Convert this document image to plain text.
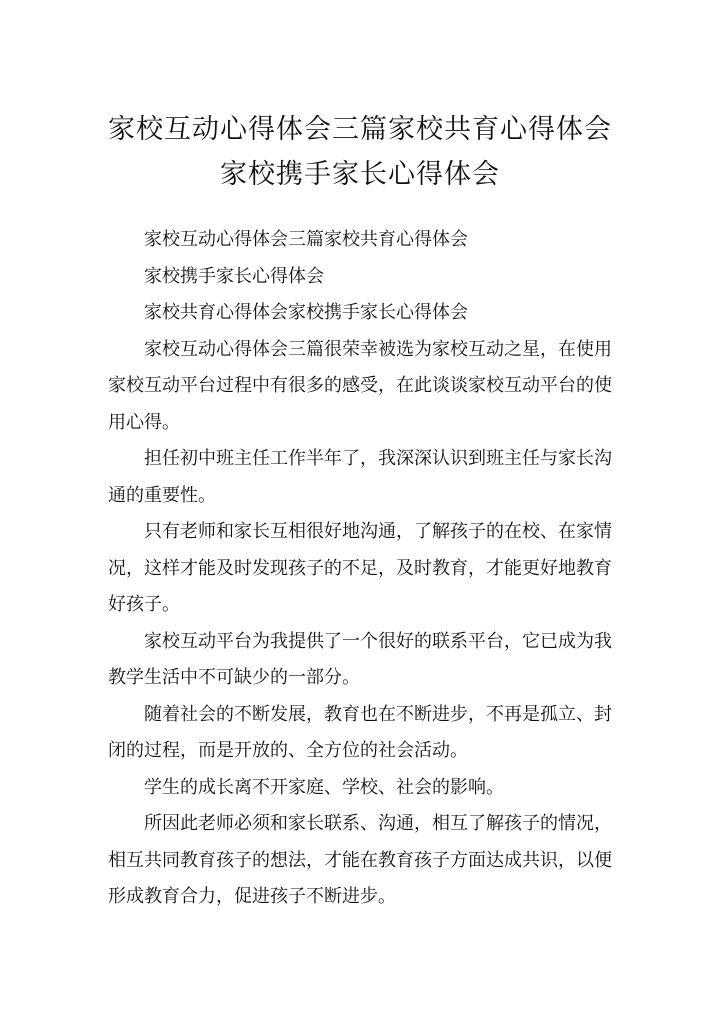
家校互动心得体会三篇家校共育心得体会
家校携手家长心得体会

家校互动心得体会三篇家校共育心得体会

家校携手家长心得体会

家校共育心得体会家校携手家长心得体会

家校互动心得体会三篇很荣幸被选为家校互动之星，在使用家校互动平台过程中有很多的感受，在此谈谈家校互动平台的使用心得。

担任初中班主任工作半年了，我深深认识到班主任与家长沟通的重要性。

只有老师和家长互相很好地沟通，了解孩子的在校、在家情况，这样才能及时发现孩子的不足，及时教育，才能更好地教育好孩子。

家校互动平台为我提供了一个很好的联系平台，它已成为我教学生活中不可缺少的一部分。

随着社会的不断发展，教育也在不断进步，不再是孤立、封闭的过程，而是开放的、全方位的社会活动。

学生的成长离不开家庭、学校、社会的影响。

所因此老师必须和家长联系、沟通，相互了解孩子的情况，相互共同教育孩子的想法，才能在教育孩子方面达成共识，以便形成教育合力，促进孩子不断进步。
